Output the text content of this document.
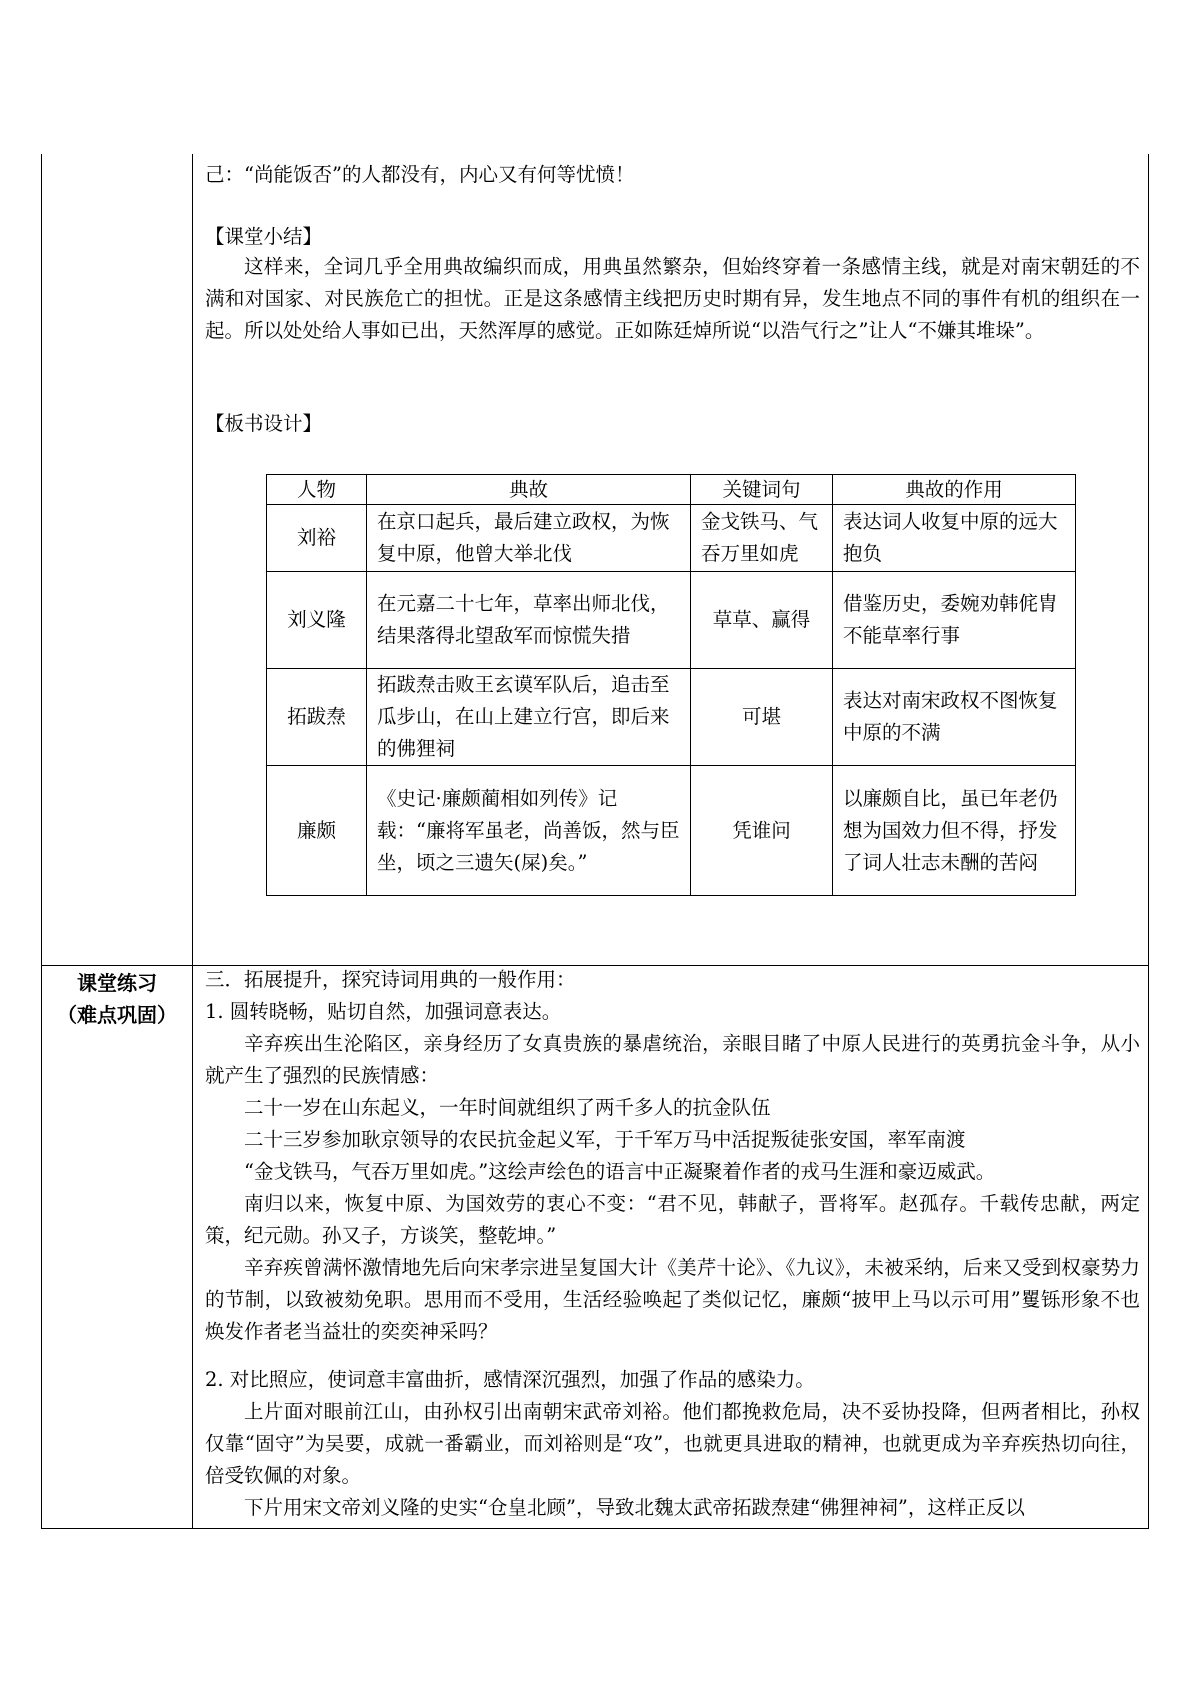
己：“尚能饭否”的人都没有，内心又有何等忧愤！
【课堂小结】
这样来，全词几乎全用典故编织而成，用典虽然繁杂，但始终穿着一条感情主线，就是对南宋朝廷的不满和对国家、对民族危亡的担忧。正是这条感情主线把历史时期有异，发生地点不同的事件有机的组织在一起。所以处处给人事如已出，天然浑厚的感觉。正如陈廷焯所说“以浩气行之”让人“不嫌其堆垛”。
【板书设计】
人物	典故	关键词句	典故的作用
刘裕	在京口起兵，最后建立政权，为恢复中原，他曾大举北伐	金戈铁马、气吞万里如虎	表达词人收复中原的远大抱负
刘义隆	在元嘉二十七年，草率出师北伐，结果落得北望敌军而惊慌失措	草草、赢得	借鉴历史，委婉劝韩侂胄不能草率行事
拓跋焘	拓跋焘击败王玄谟军队后，追击至瓜步山，在山上建立行宫，即后来的佛狸祠	可堪	表达对南宋政权不图恢复中原的不满
廉颇	《史记·廉颇蔺相如列传》记载：“廉将军虽老，尚善饭，然与臣坐，顷之三遗矢(屎)矣。”	凭谁问	以廉颇自比，虽已年老仍想为国效力但不得，抒发了词人壮志未酬的苦闷
课堂练习
（难点巩固）
三．拓展提升，探究诗词用典的一般作用：
1. 圆转晓畅，贴切自然，加强词意表达。
辛弃疾出生沦陷区，亲身经历了女真贵族的暴虐统治，亲眼目睹了中原人民进行的英勇抗金斗争，从小就产生了强烈的民族情感：
二十一岁在山东起义，一年时间就组织了两千多人的抗金队伍
二十三岁参加耿京领导的农民抗金起义军，于千军万马中活捉叛徒张安国，率军南渡
“金戈铁马，气吞万里如虎。”这绘声绘色的语言中正凝聚着作者的戎马生涯和豪迈威武。
南归以来，恢复中原、为国效劳的衷心不变：“君不见，韩献子，晋将军。赵孤存。千载传忠献，两定策，纪元勋。孙又子，方谈笑，整乾坤。”
辛弃疾曾满怀激情地先后向宋孝宗进呈复国大计《美芹十论》、《九议》，未被采纳，后来又受到权豪势力的节制，以致被劾免职。思用而不受用，生活经验唤起了类似记忆，廉颇“披甲上马以示可用”矍铄形象不也焕发作者老当益壮的奕奕神采吗？
2. 对比照应，使词意丰富曲折，感情深沉强烈，加强了作品的感染力。
上片面对眼前江山，由孙权引出南朝宋武帝刘裕。他们都挽救危局，决不妥协投降，但两者相比，孙权仅靠“固守”为吴要，成就一番霸业，而刘裕则是“攻”，也就更具进取的精神，也就更成为辛弃疾热切向往，倍受钦佩的对象。
下片用宋文帝刘义隆的史实“仓皇北顾”，导致北魏太武帝拓跋焘建“佛狸神祠”，这样正反以
